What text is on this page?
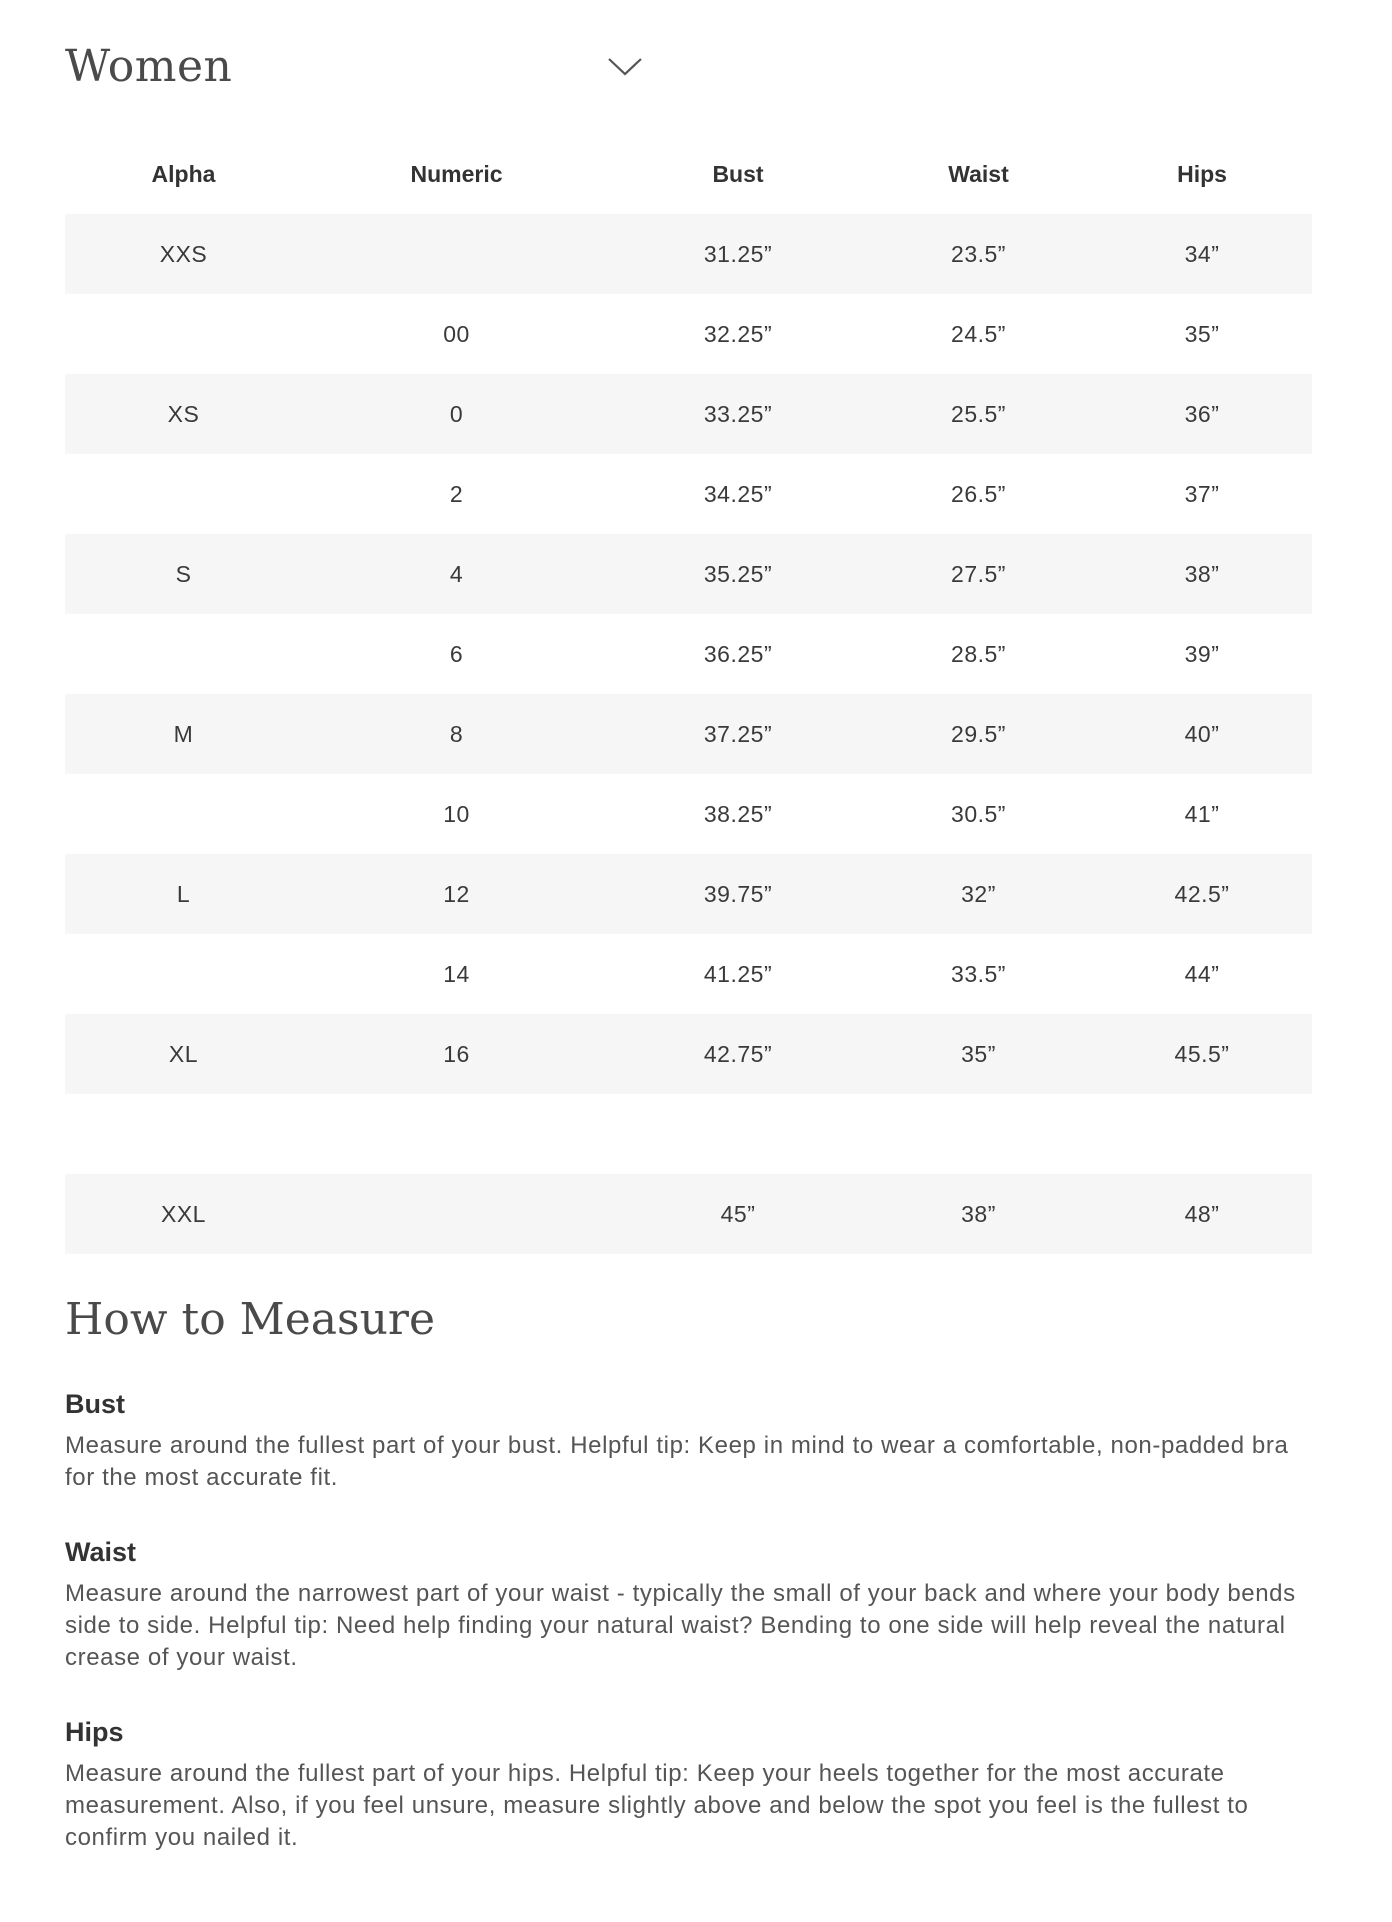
Women
Alpha	Numeric	Bust	Waist	Hips
XXS		31.25”	23.5”	34”
	00	32.25”	24.5”	35”
XS	0	33.25”	25.5”	36”
	2	34.25”	26.5”	37”
S	4	35.25”	27.5”	38”
	6	36.25”	28.5”	39”
M	8	37.25”	29.5”	40”
	10	38.25”	30.5”	41”
L	12	39.75”	32”	42.5”
	14	41.25”	33.5”	44”
XL	16	42.75”	35”	45.5”

XXL		45”	38”	48”
How to Measure
Bust

Measure around the fullest part of your bust. Helpful tip: Keep in mind to wear a comfortable, non-padded bra for the most accurate fit.

Waist

Measure around the narrowest part of your waist - typically the small of your back and where your body bends side to side. Helpful tip: Need help finding your natural waist? Bending to one side will help reveal the natural crease of your waist.

Hips

Measure around the fullest part of your hips. Helpful tip: Keep your heels together for the most accurate measurement. Also, if you feel unsure, measure slightly above and below the spot you feel is the fullest to confirm you nailed it.
